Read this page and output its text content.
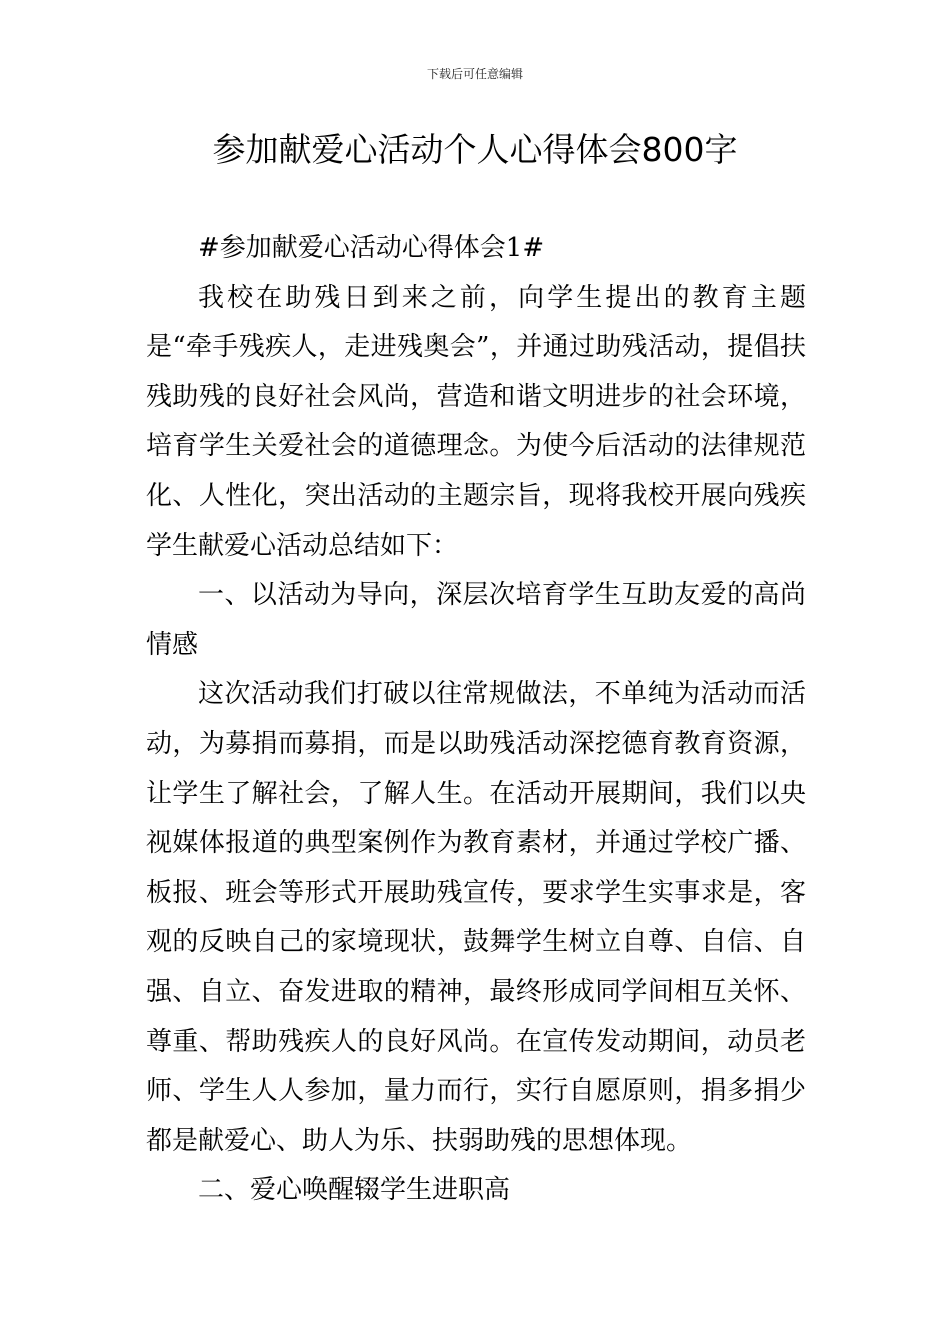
下载后可任意编辑
参加献爱心活动个人心得体会800字

#参加献爱心活动心得体会1#

我校在助残日到来之前，向学生提出的教育主题是“牵手残疾人，走进残奥会”，并通过助残活动，提倡扶残助残的良好社会风尚，营造和谐文明进步的社会环境，培育学生关爱社会的道德理念。为使今后活动的法律规范化、人性化，突出活动的主题宗旨，现将我校开展向残疾学生献爱心活动总结如下：

一、以活动为导向，深层次培育学生互助友爱的高尚情感

这次活动我们打破以往常规做法，不单纯为活动而活动，为募捐而募捐，而是以助残活动深挖德育教育资源，让学生了解社会，了解人生。在活动开展期间，我们以央视媒体报道的典型案例作为教育素材，并通过学校广播、板报、班会等形式开展助残宣传，要求学生实事求是，客观的反映自己的家境现状，鼓舞学生树立自尊、自信、自强、自立、奋发进取的精神，最终形成同学间相互关怀、尊重、帮助残疾人的良好风尚。在宣传发动期间，动员老师、学生人人参加，量力而行，实行自愿原则，捐多捐少都是献爱心、助人为乐、扶弱助残的思想体现。

二、爱心唤醒辍学生进职高
